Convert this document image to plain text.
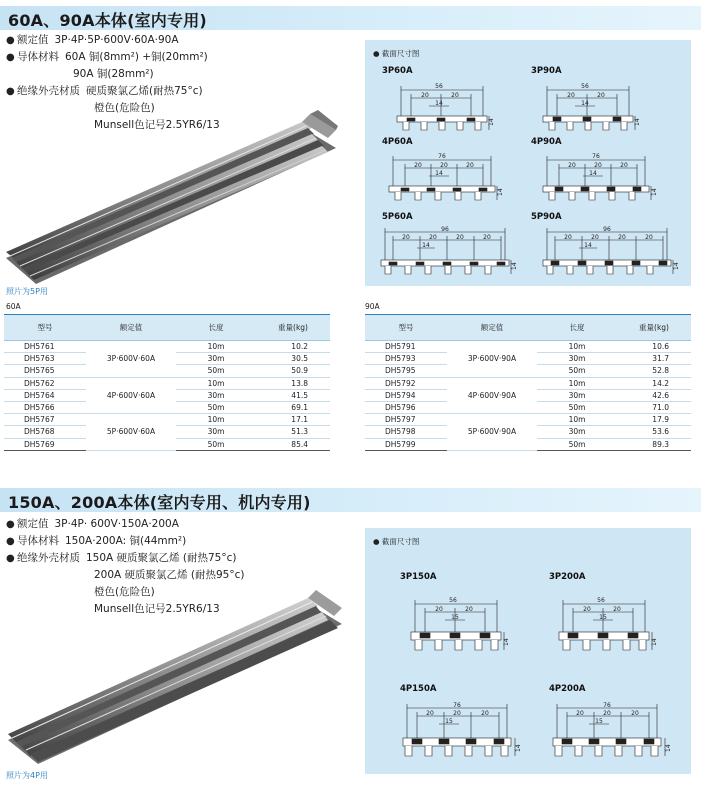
60A、90A本体(室内专用)
● 额定值 3P·4P·5P·600V·60A·90A
● 导体材料 60A 铜(8mm²) +铜(20mm²)
90A 铜(28mm²)
● 绝缘外壳材质 硬质聚氯乙烯(耐热75°c)
橙色(危险色)
Munsell色记号2.5YR6/13
照片为5P用
● 截面尺寸图
3P60A	3P90A
4P60A	4P90A
5P60A	5P90A
56
20	20
14
14
56
20	20
14
14
76
20	20	20
14
14
76
20	20	20
14
14
96
20	20	20	20
14
14
96
20	20	20	20
14
14
60A
型号	额定值	长度	重量(kg)
DH5761	3P·600V·60A	10m	10.2
DH5763		30m	30.5
DH5765		50m	50.9
DH5762	4P·600V·60A	10m	13.8
DH5764		30m	41.5
DH5766		50m	69.1
DH5767	5P·600V·60A	10m	17.1
DH5768		30m	51.3
DH5769		50m	85.4
90A
型号	额定值	长度	重量(kg)
DH5791	3P·600V·90A	10m	10.6
DH5793		30m	31.7
DH5795		50m	52.8
DH5792	4P·600V·90A	10m	14.2
DH5794		30m	42.6
DH5796		50m	71.0
DH5797	5P·600V·90A	10m	17.9
DH5798		30m	53.6
DH5799		50m	89.3
150A、200A本体(室内专用、机内专用)
● 额定值 3P·4P· 600V·150A·200A
● 导体材料 150A·200A: 铜(44mm²)
● 绝缘外壳材质 150A 硬质聚氯乙烯 (耐热75°c)
200A 硬质聚氯乙烯 (耐热95°c)
橙色(危险色)
Munsell色记号2.5YR6/13
照片为4P用
● 截面尺寸图
3P150A	3P200A
4P150A	4P200A
56
20	20
15
14
56
20	20
15
14
76
20	20	20
15
14
76
20	20	20
15
14
